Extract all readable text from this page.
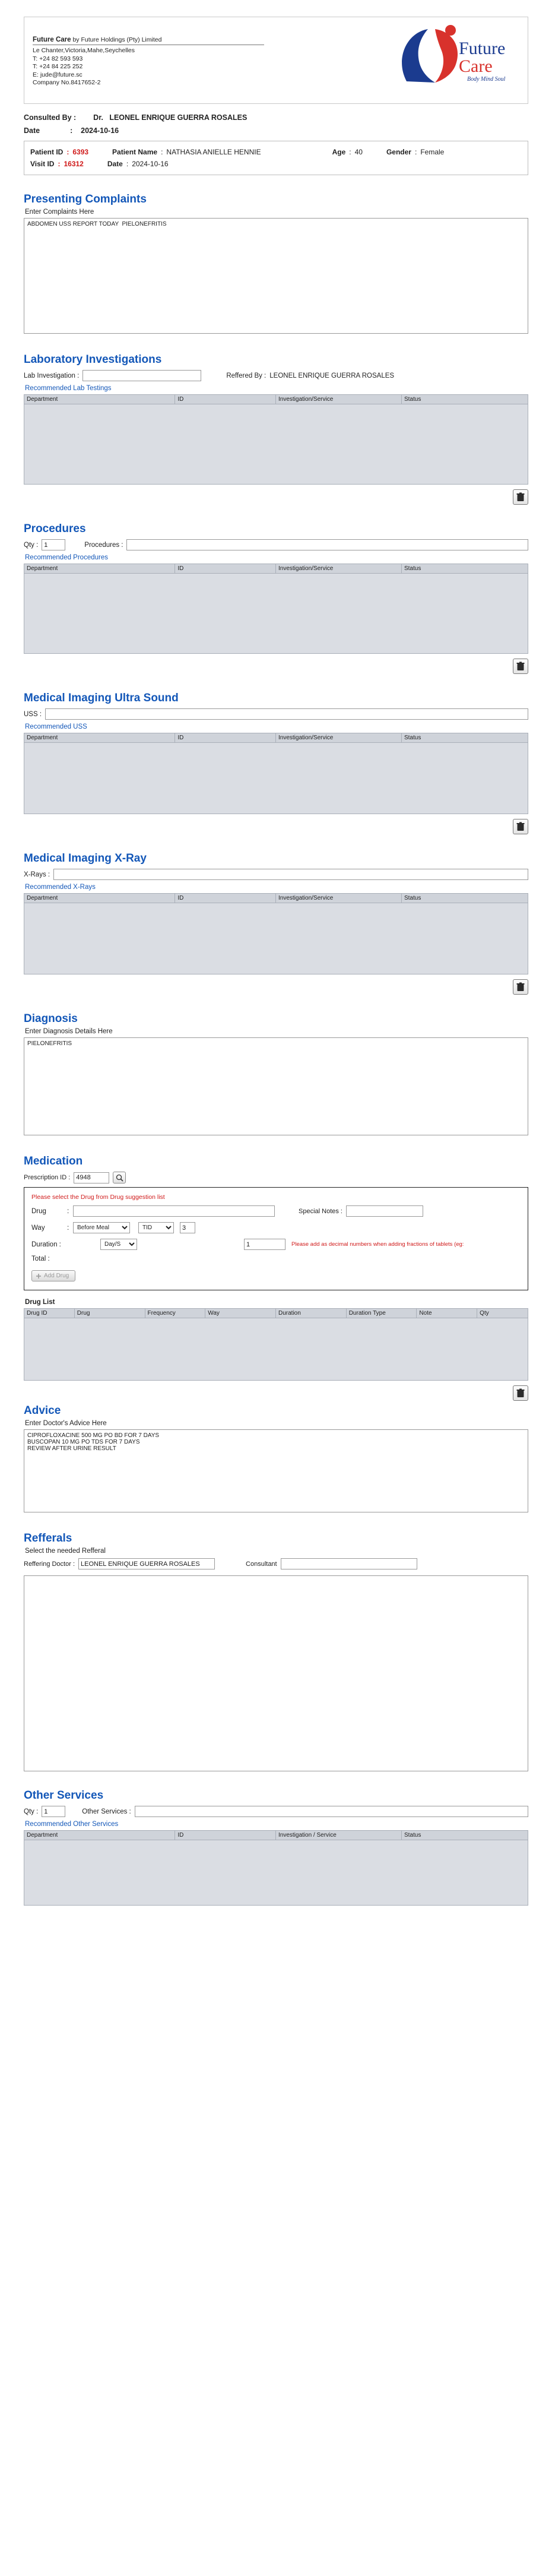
Future Care by Future Holdings (Pty) Limited
Le Chanter,Victoria,Mahe,Seychelles
T: +24 82 593 593
T: +24 84 225 252
E: jude@future.sc
Company No.8417652-2
Future
Care
Body Mind Soul
Consulted By : Dr. LEONEL ENRIQUE GUERRA ROSALES
Date	: 2024-10-16
Patient ID : 6393	Patient Name : NATHASIA ANIELLE HENNIE	Age : 40	Gender : Female
Visit ID : 16312	Date : 2024-10-16
Presenting Complaints
Enter Complaints Here
ABDOMEN USS REPORT TODAY PIELONEFRITIS
Laboratory Investigations
Lab Investigation :	Reffered By : LEONEL ENRIQUE GUERRA ROSALES
Recommended Lab Testings
Department	ID	Investigation/Service	Status
Procedures
Qty :
1	Procedures :
Recommended Procedures
Department	ID	Investigation/Service	Status
Medical Imaging Ultra Sound
USS :
Recommended USS
Department	ID	Investigation/Service	Status
Medical Imaging X-Ray
X-Rays :
Recommended X-Rays
Department	ID	Investigation/Service	Status
Diagnosis
Enter Diagnosis Details Here
PIELONEFRITIS
Medication
Prescription ID :
4948
Please select the Drug from Drug suggestion list
Drug	:	Special Notes :
Way	:
Before Meal
TID
3
Duration :
Day/S
1	Please add as decimal numbers when adding fractions of tablets (eg:
Total :
Add Drug
Drug List
Drug ID	Drug	Frequency	Way	Duration	Duration Type	Note	Qty
Advice
Enter Doctor's Advice Here
CIPROFLOXACINE 500 MG PO BD FOR 7 DAYS BUSCOPAN 10 MG PO TDS FOR 7 DAYS REVIEW AFTER URINE RESULT
Refferals
Select the needed Refferal
Reffering Doctor :
LEONEL ENRIQUE GUERRA ROSALES	Consultant
Other Services
Qty :
1	Other Services :
Recommended Other Services
Department	ID	Investigation / Service	Status
